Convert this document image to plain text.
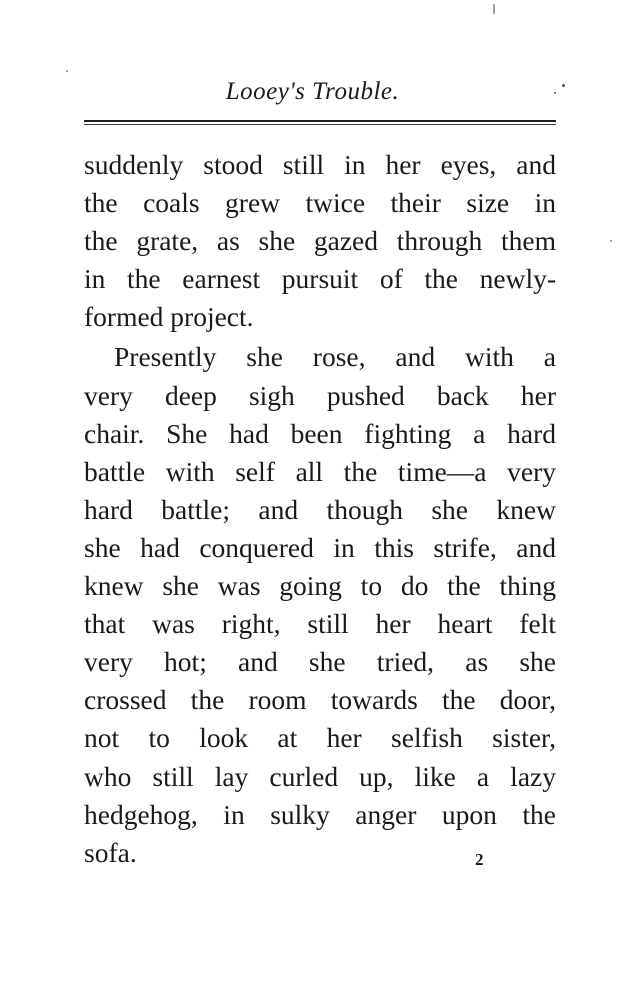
Looey's Trouble.
suddenly stood still in her eyes, and
the coals grew twice their size in
the grate, as she gazed through them
in the earnest pursuit of the newly-
formed project.
Presently she rose, and with a
very deep sigh pushed back her
chair. She had been fighting a hard
battle with self all the time—a very
hard battle; and though she knew
she had conquered in this strife, and
knew she was going to do the thing
that was right, still her heart felt
very hot; and she tried, as she
crossed the room towards the door,
not to look at her selfish sister,
who still lay curled up, like a lazy
hedgehog, in sulky anger upon the
sofa.	2
